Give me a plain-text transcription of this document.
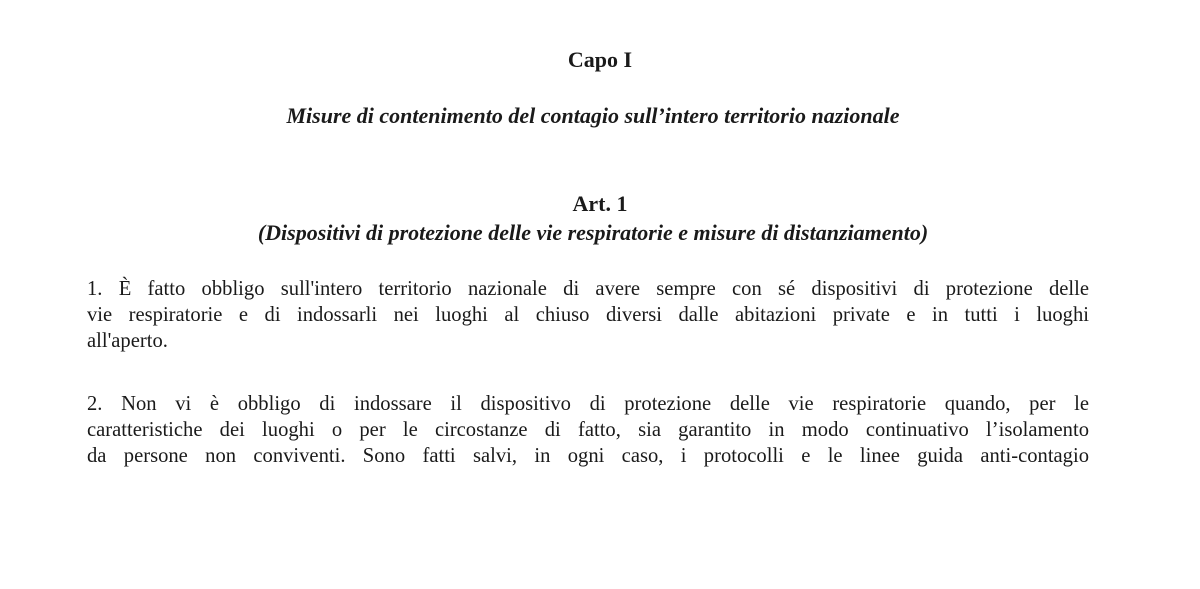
Capo I
Misure di contenimento del contagio sull’intero territorio nazionale
Art. 1
(Dispositivi di protezione delle vie respiratorie e misure di distanziamento)
1. È fatto obbligo sull'intero territorio nazionale di avere sempre con sé dispositivi di protezione delle
vie respiratorie e di indossarli nei luoghi al chiuso diversi dalle abitazioni private e in tutti i luoghi
all'aperto.
2. Non vi è obbligo di indossare il dispositivo di protezione delle vie respiratorie quando, per le
caratteristiche dei luoghi o per le circostanze di fatto, sia garantito in modo continuativo l’isolamento
da persone non conviventi. Sono fatti salvi, in ogni caso, i protocolli e le linee guida anti-contagio
